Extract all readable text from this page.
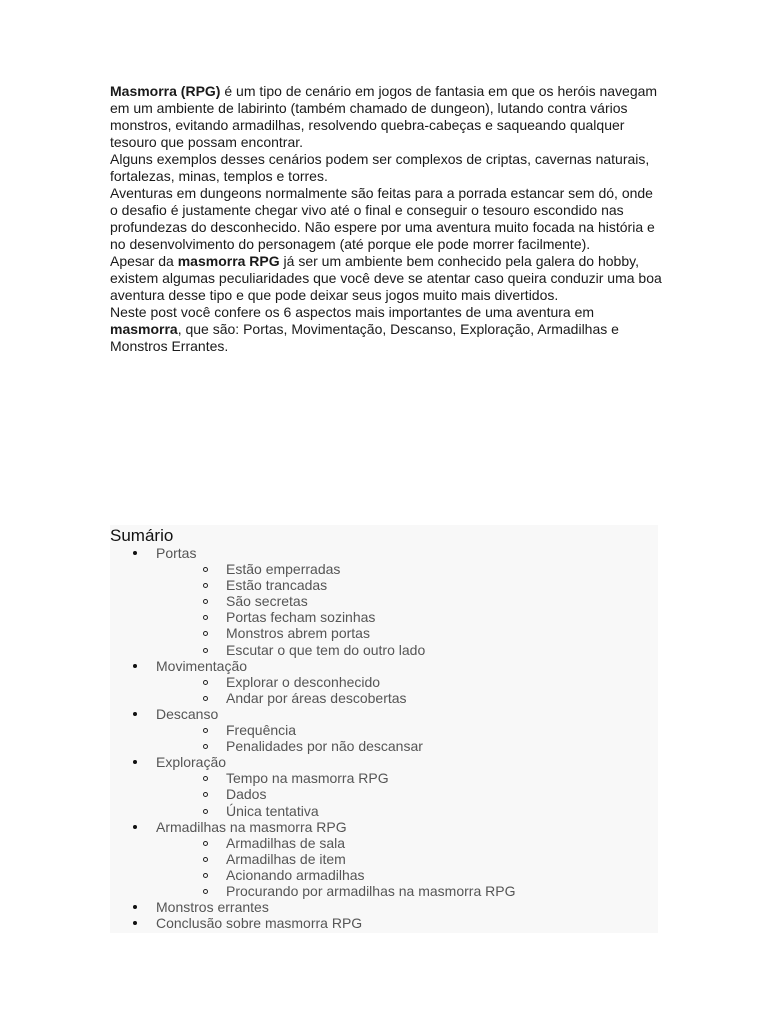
Masmorra (RPG) é um tipo de cenário em jogos de fantasia em que os heróis navegam em um ambiente de labirinto (também chamado de dungeon), lutando contra vários monstros, evitando armadilhas, resolvendo quebra-cabeças e saqueando qualquer tesouro que possam encontrar.

Alguns exemplos desses cenários podem ser complexos de criptas, cavernas naturais, fortalezas, minas, templos e torres.

Aventuras em dungeons normalmente são feitas para a porrada estancar sem dó, onde o desafio é justamente chegar vivo até o final e conseguir o tesouro escondido nas profundezas do desconhecido. Não espere por uma aventura muito focada na história e no desenvolvimento do personagem (até porque ele pode morrer facilmente).

Apesar da masmorra RPG já ser um ambiente bem conhecido pela galera do hobby, existem algumas peculiaridades que você deve se atentar caso queira conduzir uma boa aventura desse tipo e que pode deixar seus jogos muito mais divertidos.

Neste post você confere os 6 aspectos mais importantes de uma aventura em masmorra, que são: Portas, Movimentação, Descanso, Exploração, Armadilhas e Monstros Errantes.

Sumário
Portas
Estão emperradas
Estão trancadas
São secretas
Portas fecham sozinhas
Monstros abrem portas
Escutar o que tem do outro lado
Movimentação
Explorar o desconhecido
Andar por áreas descobertas
Descanso
Frequência
Penalidades por não descansar
Exploração
Tempo na masmorra RPG
Dados
Única tentativa
Armadilhas na masmorra RPG
Armadilhas de sala
Armadilhas de item
Acionando armadilhas
Procurando por armadilhas na masmorra RPG
Monstros errantes
Conclusão sobre masmorra RPG
